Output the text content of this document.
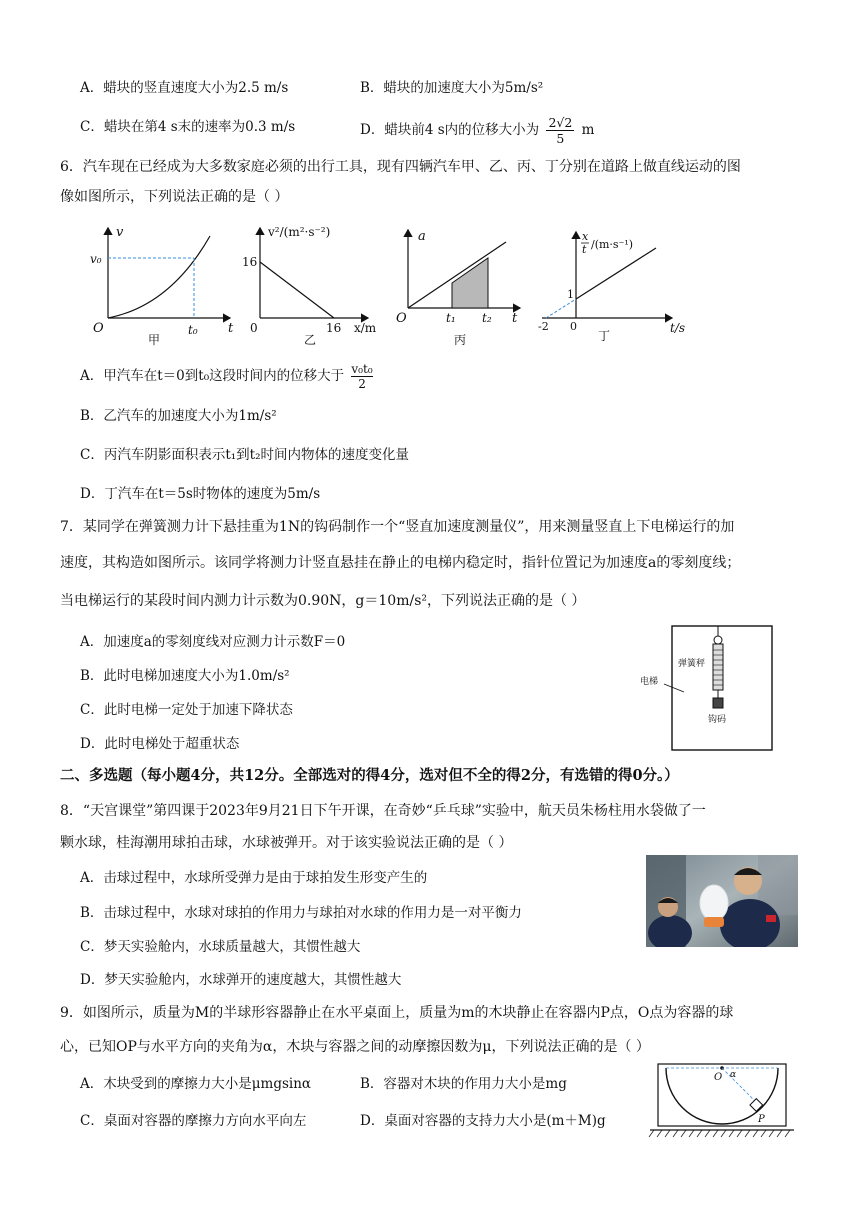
A．蜡块的竖直速度大小为2.5 m/s	B．蜡块的加速度大小为5m/s²
C．蜡块在第4 s末的速率为0.3 m/s	D．蜡块前4 s内的位移大小为 $\frac{2√2}{5}$ m
6．汽车现在已经成为大多数家庭必须的出行工具，现有四辆汽车甲、乙、丙、丁分别在道路上做直线运动的图
像如图所示，下列说法正确的是（ ）
v
v₀
O	t₀ t
甲
v²/(m²·s⁻²)
16
0	16 x/m
乙
a
O	t₁ t₂ t
丙
x
t /(m·s⁻¹)
1
-2 0	t/s
丁
A．甲汽车在t＝0到t₀这段时间内的位移大于 $\frac{\text{v₀t₀}}{2}$
B．乙汽车的加速度大小为1m/s²
C．丙汽车阴影面积表示t₁到t₂时间内物体的速度变化量
D．丁汽车在t＝5s时物体的速度为5m/s
7．某同学在弹簧测力计下悬挂重为1N的钩码制作一个“竖直加速度测量仪”，用来测量竖直上下电梯运行的加
速度，其构造如图所示。该同学将测力计竖直悬挂在静止的电梯内稳定时，指针位置记为加速度a的零刻度线；
当电梯运行的某段时间内测力计示数为0.90N，g＝10m/s²，下列说法正确的是（ ）
A．加速度a的零刻度线对应测力计示数F＝0
B．此时电梯加速度大小为1.0m/s²
C．此时电梯一定处于加速下降状态
D．此时电梯处于超重状态
电梯
弹簧秤
钩码
二、多选题（每小题4分，共12分。全部选对的得4分，选对但不全的得2分，有选错的得0分。）
8．“天宫课堂”第四课于2023年9月21日下午开课，在奇妙“乒乓球”实验中，航天员朱杨柱用水袋做了一
颗水球，桂海潮用球拍击球，水球被弹开。对于该实验说法正确的是（ ）
A．击球过程中，水球所受弹力是由于球拍发生形变产生的
B．击球过程中，水球对球拍的作用力与球拍对水球的作用力是一对平衡力
C．梦天实验舱内，水球质量越大，其惯性越大
D．梦天实验舱内，水球弹开的速度越大，其惯性越大
9．如图所示，质量为M的半球形容器静止在水平桌面上，质量为m的木块静止在容器内P点，O点为容器的球
心，已知OP与水平方向的夹角为α，木块与容器之间的动摩擦因数为μ，下列说法正确的是（ ）
A．木块受到的摩擦力大小是μmgsinα	B．容器对木块的作用力大小是mg
C．桌面对容器的摩擦力方向水平向左	D．桌面对容器的支持力大小是(m＋M)g
O α
P
